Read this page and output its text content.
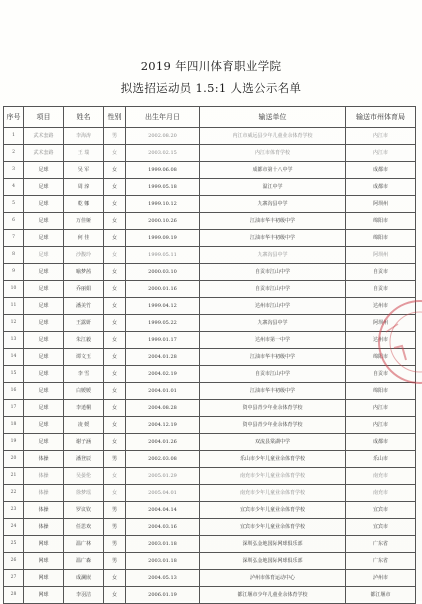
2019 年四川体育职业学院
拟选招运动员 1.5:1 人选公示名单
序号	项目	姓名	性别	出生年月日	输送单位	输送市州体育局
1	武术套路	李海涛	男	2002.08.20	内江市威远县少年儿童业余体育学校	内江市
2	武术套路	王 瑞	女	2003.02.15	内江市体育学校	内江市
3	足球	吴 军	女	1999.06.08	成都市第十八中学	成都市
4	足球	周 淳	女	1999.05.18	温江中学	成都市
5	足球	乾 娜	女	1999.10.12	九寨沟县中学	阿坝州
6	足球	万佳娅	女	2000.10.26	江油市华丰初级中学	绵阳市
7	足球	何 佳	女	1999.09.19	江油市华丰初级中学	绵阳市
8	足球	沙馥玲	女	1999.05.11	九寨沟县中学	阿坝州
9	足球	喻梦茜	女	2000.03.10	自贡市江山中学	自贡市
10	足球	乔丽娟	女	2000.01.16	自贡市江山中学	自贡市
11	足球	潘美竹	女	1999.04.12	达州市江山中学	达州市
12	足球	王露妍	女	1999.05.22	九寨沟县中学	阿坝州
13	足球	朱江毅	女	1999.01.17	达州市第一中学	达州市
14	足球	谭文玉	女	2004.01.28	江油市华丰初级中学	绵阳市
15	足球	李 雪	女	2004.02.19	自贡市江山中学	自贡市
16	足球	白媛媛	女	2004.01.01	江油市华丰初级中学	绵阳市
17	足球	李逍桐	女	2004.08.28	资中县青少年业余体育学校	内江市
18	足球	凌 媛	女	2004.12.19	资中县青少年业余体育学校	内江市
19	足球	谢子涵	女	2004.01.26	双流县棠湖中学	成都市
20	体操	潘登辰	男	2002.03.08	乐山市少年儿童业余体育学校	乐山市
21	体操	吴晏伦	女	2005.01.29	南充市少年儿童业余体育学校	南充市
22	体操	徐梦瑶	女	2005.04.01	南充市少年儿童业余体育学校	南充市
23	体操	罗议钦	男	2004.04.14	宜宾市少年儿童业余体育学校	宜宾市
24	体操	任思欢	男	2004.03.16	宜宾市少年儿童业余体育学校	宜宾市
25	网球	温广林	男	2003.01.18	深圳弘金地国际网球俱乐部	广东省
26	网球	温广森	男	2003.01.18	深圳弘金地国际网球俱乐部	广东省
27	网球	成澜嵌	女	2004.05.13	泸州市体育运动中心	泸州市
28	网球	李羽洁	女	2006.01.19	都江堰市少年儿童业余体育学校	都江堰市
